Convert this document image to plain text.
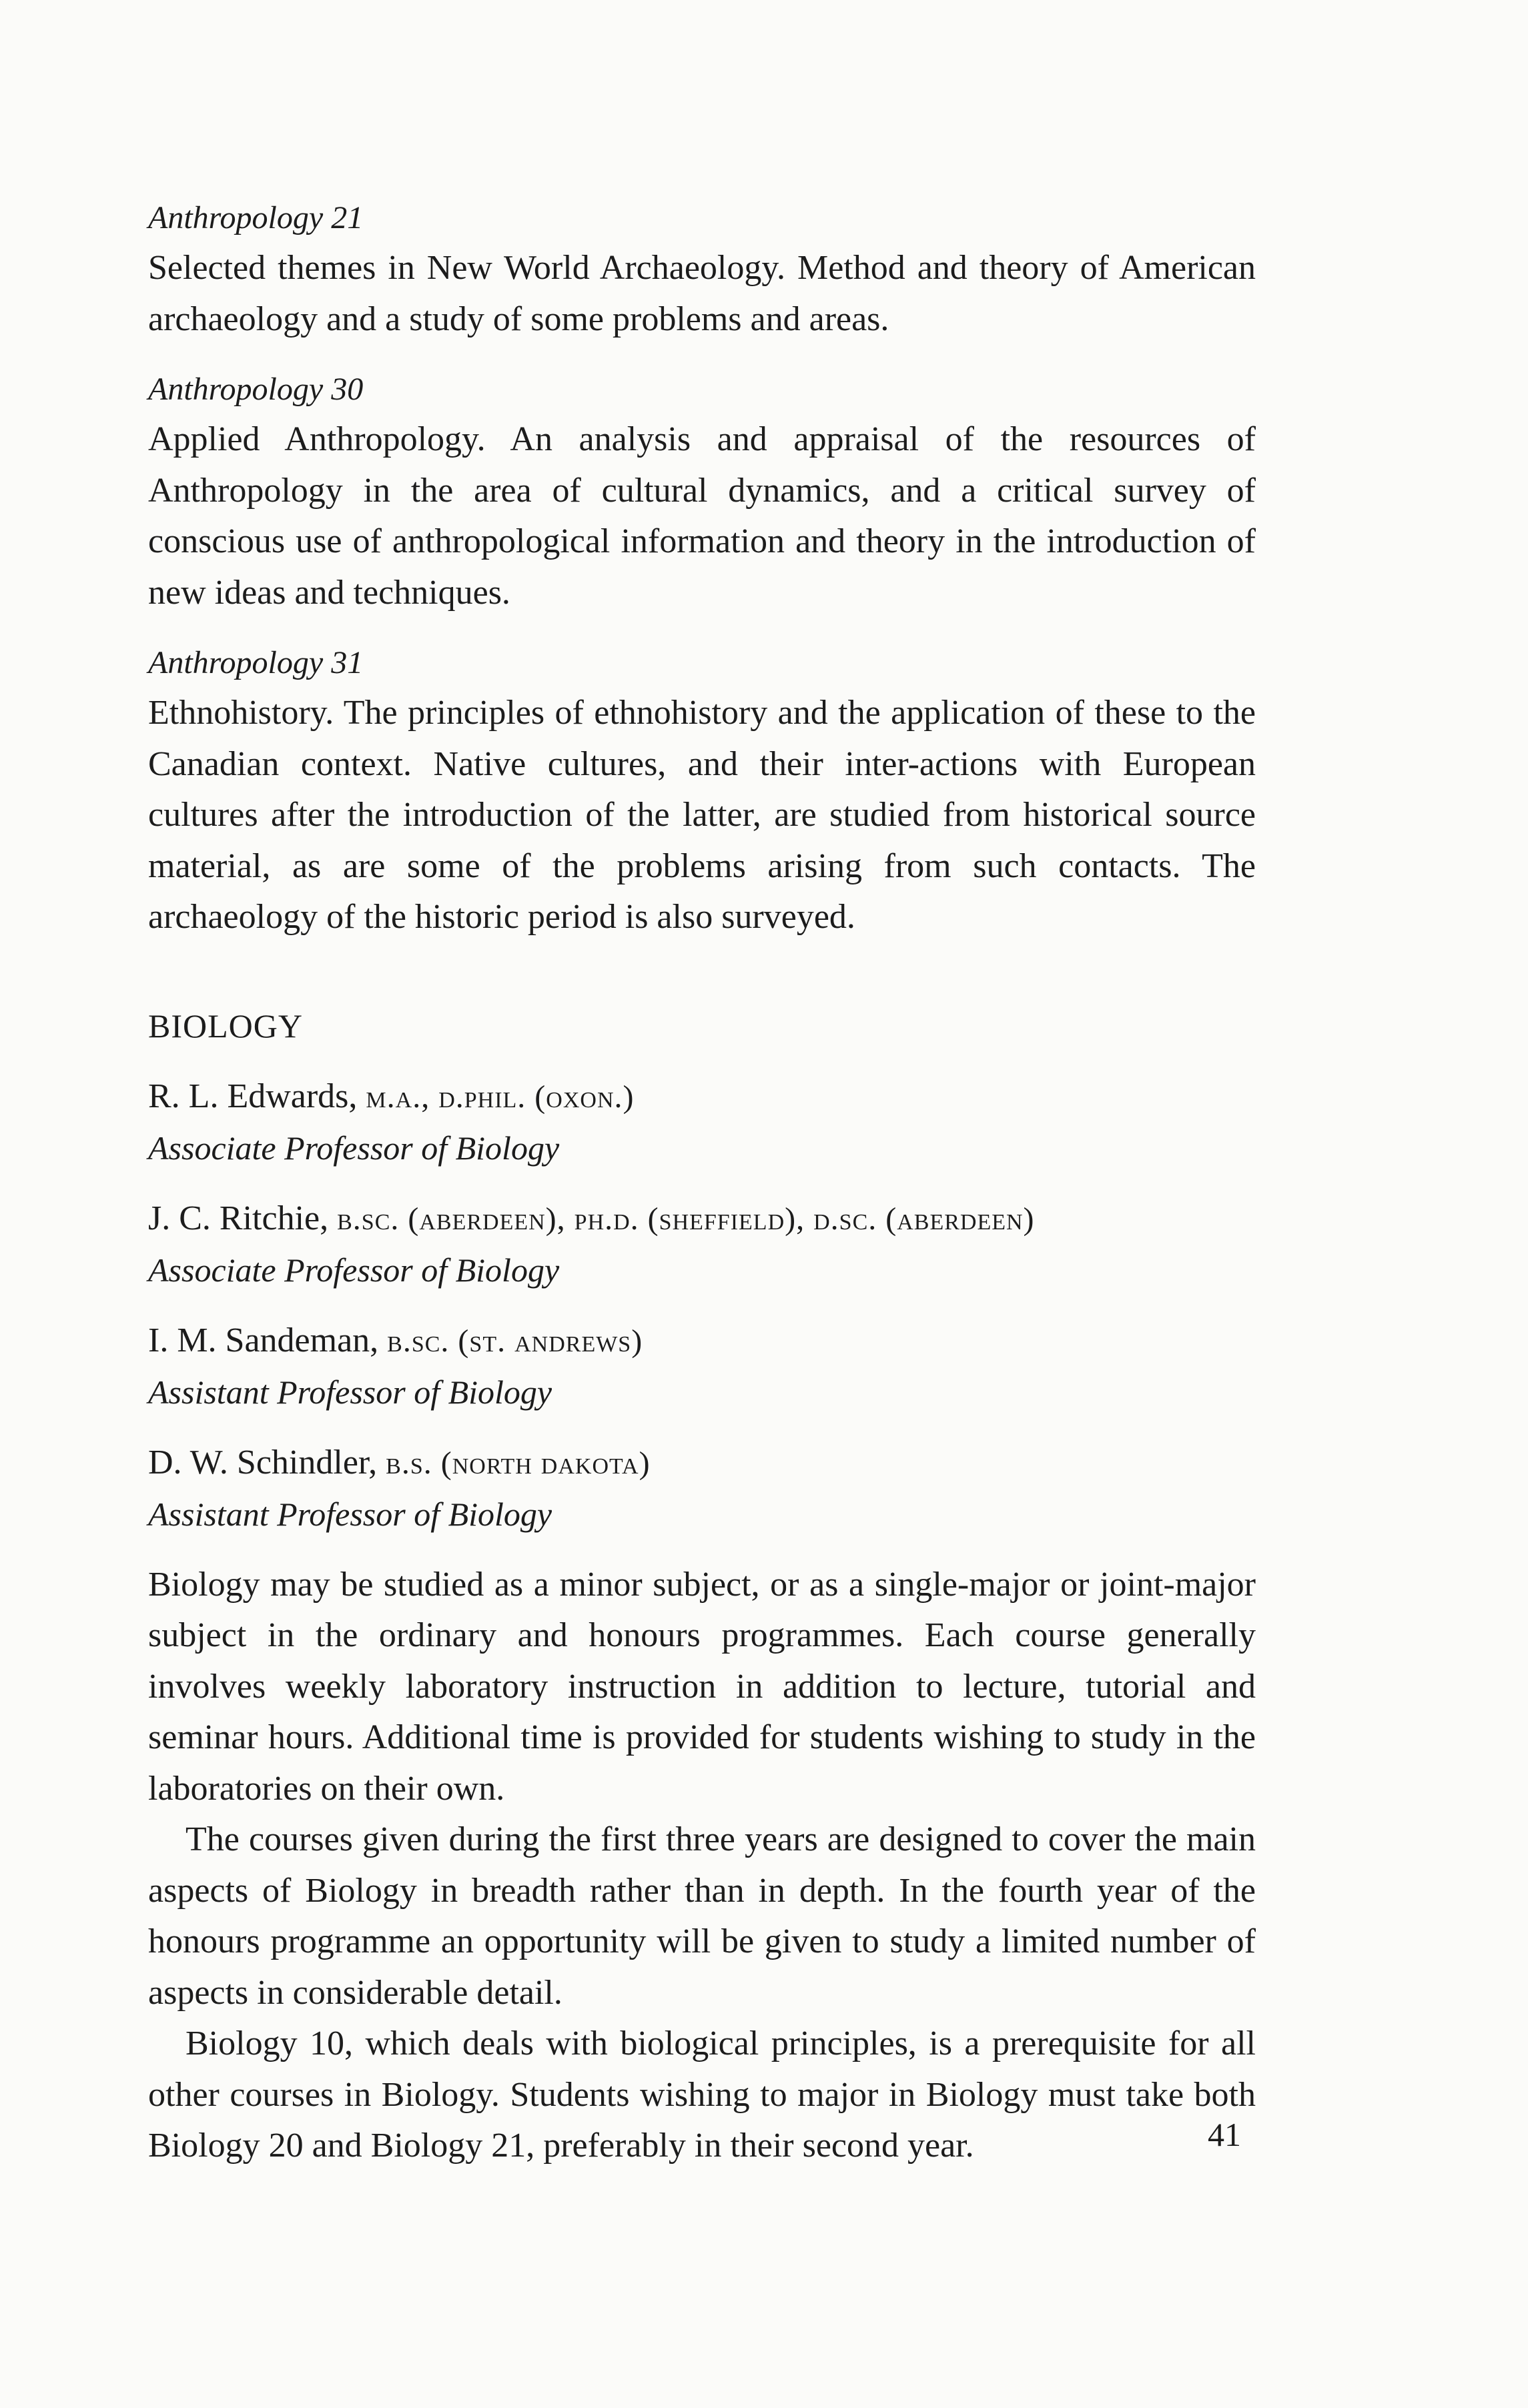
Anthropology 21

Selected themes in New World Archaeology. Method and theory of American archaeology and a study of some problems and areas.

Anthropology 30

Applied Anthropology. An analysis and appraisal of the resources of Anthropology in the area of cultural dynamics, and a critical survey of conscious use of anthropological information and theory in the introduction of new ideas and techniques.

Anthropology 31

Ethnohistory. The principles of ethnohistory and the application of these to the Canadian context. Native cultures, and their inter-actions with European cultures after the introduction of the latter, are studied from historical source material, as are some of the problems arising from such contacts. The archaeology of the historic period is also surveyed.

BIOLOGY

R. L. Edwards, m.a., d.phil. (oxon.)

Associate Professor of Biology

J. C. Ritchie, b.sc. (aberdeen), ph.d. (sheffield), d.sc. (aberdeen)

Associate Professor of Biology

I. M. Sandeman, b.sc. (st. andrews)

Assistant Professor of Biology

D. W. Schindler, b.s. (north dakota)

Assistant Professor of Biology

Biology may be studied as a minor subject, or as a single-major or joint-major subject in the ordinary and honours programmes. Each course generally involves weekly laboratory instruction in addition to lecture, tutorial and seminar hours. Additional time is provided for students wishing to study in the laboratories on their own.

The courses given during the first three years are designed to cover the main aspects of Biology in breadth rather than in depth. In the fourth year of the honours programme an opportunity will be given to study a limited number of aspects in considerable detail.

Biology 10, which deals with biological principles, is a prerequisite for all other courses in Biology. Students wishing to major in Biology must take both Biology 20 and Biology 21, preferably in their second year.	41
